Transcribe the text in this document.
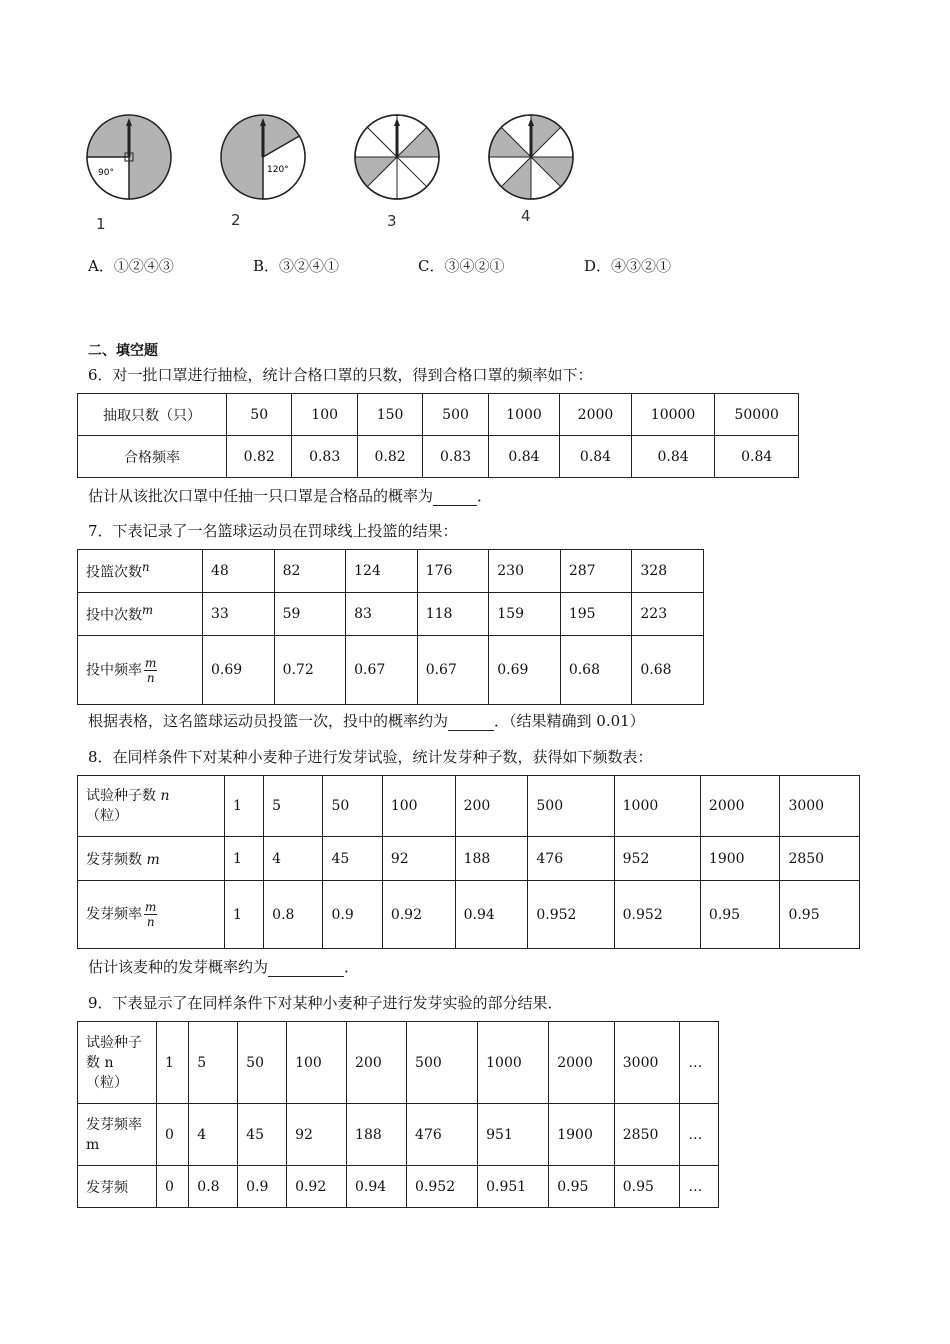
90°
1
120°
2	3	4
A．①②④③	B．③②④①	C．③④②①	D．④③②①
二、填空题
6．对一批口罩进行抽检，统计合格口罩的只数，得到合格口罩的频率如下：
抽取只数（只）	50	100	150	500	1000	2000	10000	50000
合格频率	0.82	0.83	0.82	0.83	0.84	0.84	0.84	0.84
估计从该批次口罩中任抽一只口罩是合格品的概率为	．
7．下表记录了一名篮球运动员在罚球线上投篮的结果：
投篮次数$^n$	48	82	124	176	230	287	328
投中次数$^m$	33	59	83	118	159	195	223
投中频率 $\frac{m}{n}$	0.69	0.72	0.67	0.67	0.69	0.68	0.68
根据表格，这名篮球运动员投篮一次，投中的概率约为	．（结果精确到 0.01）
8．在同样条件下对某种小麦种子进行发芽试验，统计发芽种子数，获得如下频数表：
试验种子数 n
（粒）	1	5	50	100	200	500	1000	2000	3000
发芽频数 m	1	4	45	92	188	476	952	1900	2850
发芽频率 $\frac{m}{n}$	1	0.8	0.9	0.92	0.94	0.952	0.952	0.95	0.95
估计该麦种的发芽概率约为	．
9．下表显示了在同样条件下对某种小麦种子进行发芽实验的部分结果．
试验种子数 n （粒）	1	5	50	100	200	500	1000	2000	3000	…
发芽频率 m	0	4	45	92	188	476	951	1900	2850	…
发芽频	0	0.8	0.9	0.92	0.94	0.952	0.951	0.95	0.95	…
